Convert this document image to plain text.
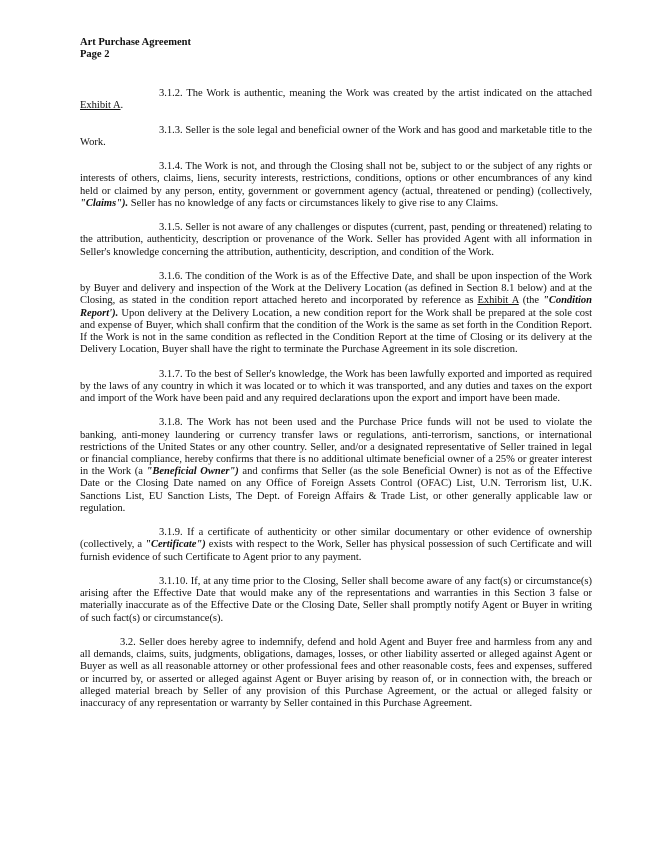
Art Purchase Agreement
Page 2

3.1.2. The Work is authentic, meaning the Work was created by the artist indicated on the attached Exhibit A.

3.1.3. Seller is the sole legal and beneficial owner of the Work and has good and marketable title to the Work.

3.1.4. The Work is not, and through the Closing shall not be, subject to or the subject of any rights or interests of others, claims, liens, security interests, restrictions, conditions, options or other encumbrances of any kind held or claimed by any person, entity, government or government agency (actual, threatened or pending) (collectively, "Claims"). Seller has no knowledge of any facts or circumstances likely to give rise to any Claims.

3.1.5. Seller is not aware of any challenges or disputes (current, past, pending or threatened) relating to the attribution, authenticity, description or provenance of the Work. Seller has provided Agent with all information in Seller's knowledge concerning the attribution, authenticity, description, and condition of the Work.

3.1.6. The condition of the Work is as of the Effective Date, and shall be upon inspection of the Work by Buyer and delivery and inspection of the Work at the Delivery Location (as defined in Section 8.1 below) and at the Closing, as stated in the condition report attached hereto and incorporated by reference as Exhibit A (the "Condition Report'). Upon delivery at the Delivery Location, a new condition report for the Work shall be prepared at the sole cost and expense of Buyer, which shall confirm that the condition of the Work is the same as set forth in the Condition Report. If the Work is not in the same condition as reflected in the Condition Report at the time of Closing or its delivery at the Delivery Location, Buyer shall have the right to terminate the Purchase Agreement in its sole discretion.

3.1.7. To the best of Seller's knowledge, the Work has been lawfully exported and imported as required by the laws of any country in which it was located or to which it was transported, and any duties and taxes on the export and import of the Work have been paid and any required declarations upon the export and import have been made.

3.1.8. The Work has not been used and the Purchase Price funds will not be used to violate the banking, anti-money laundering or currency transfer laws or regulations, anti-terrorism, sanctions, or international restrictions of the United States or any other country. Seller, and/or a designated representative of Seller trained in legal or financial compliance, hereby confirms that there is no additional ultimate beneficial owner of a 25% or greater interest in the Work (a "Beneficial Owner") and confirms that Seller (as the sole Beneficial Owner) is not as of the Effective Date or the Closing Date named on any Office of Foreign Assets Control (OFAC) List, U.N. Terrorism list, U.K. Sanctions List, EU Sanction Lists, The Dept. of Foreign Affairs & Trade List, or other generally applicable law or regulation.

3.1.9. If a certificate of authenticity or other similar documentary or other evidence of ownership (collectively, a "Certificate") exists with respect to the Work, Seller has physical possession of such Certificate and will furnish evidence of such Certificate to Agent prior to any payment.

3.1.10. If, at any time prior to the Closing, Seller shall become aware of any fact(s) or circumstance(s) arising after the Effective Date that would make any of the representations and warranties in this Section 3 false or materially inaccurate as of the Effective Date or the Closing Date, Seller shall promptly notify Agent or Buyer in writing of such fact(s) or circumstance(s).

3.2. Seller does hereby agree to indemnify, defend and hold Agent and Buyer free and harmless from any and all demands, claims, suits, judgments, obligations, damages, losses, or other liability asserted or alleged against Agent or Buyer as well as all reasonable attorney or other professional fees and other reasonable costs, fees and expenses, suffered or incurred by, or asserted or alleged against Agent or Buyer arising by reason of, or in connection with, the breach or alleged material breach by Seller of any provision of this Purchase Agreement, or the actual or alleged falsity or inaccuracy of any representation or warranty by Seller contained in this Purchase Agreement.
